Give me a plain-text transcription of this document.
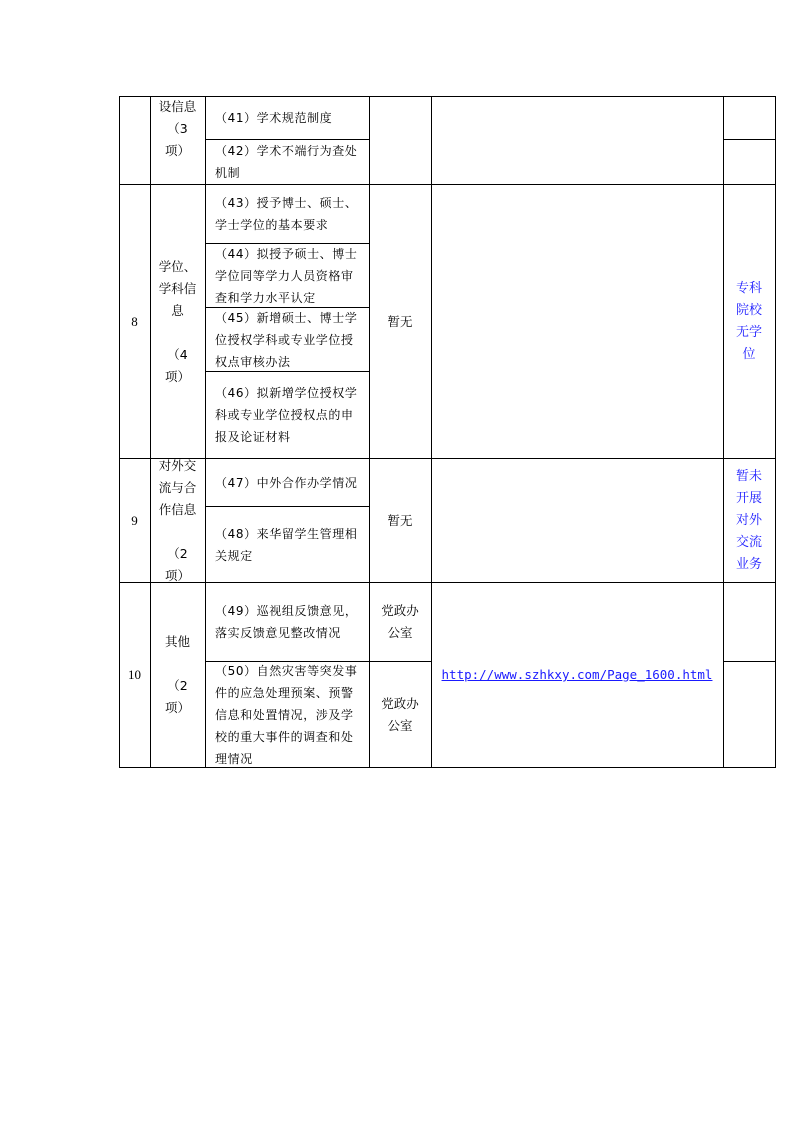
设信息
（3
项）
（41）学术规范制度
（42）学术不端行为查处
机制
8
学位、
学科信
息

（4
项）
（43）授予博士、硕士、
学士学位的基本要求
（44）拟授予硕士、博士
学位同等学力人员资格审
查和学力水平认定
（45）新增硕士、博士学
位授权学科或专业学位授
权点审核办法
（46）拟新增学位授权学
科或专业学位授权点的申
报及论证材料
暂无
专科
院校
无学
位
9
对外交
流与合
作信息

（2
项）
（47）中外合作办学情况
（48）来华留学生管理相
关规定
暂无
暂未
开展
对外
交流
业务
10
其他

（2
项）
（49）巡视组反馈意见，
落实反馈意见整改情况
（50）自然灾害等突发事
件的应急处理预案、预警
信息和处置情况，涉及学
校的重大事件的调查和处
理情况
党政办
公室
党政办
公室
http://www.szhkxy.com/Page_1600.html
